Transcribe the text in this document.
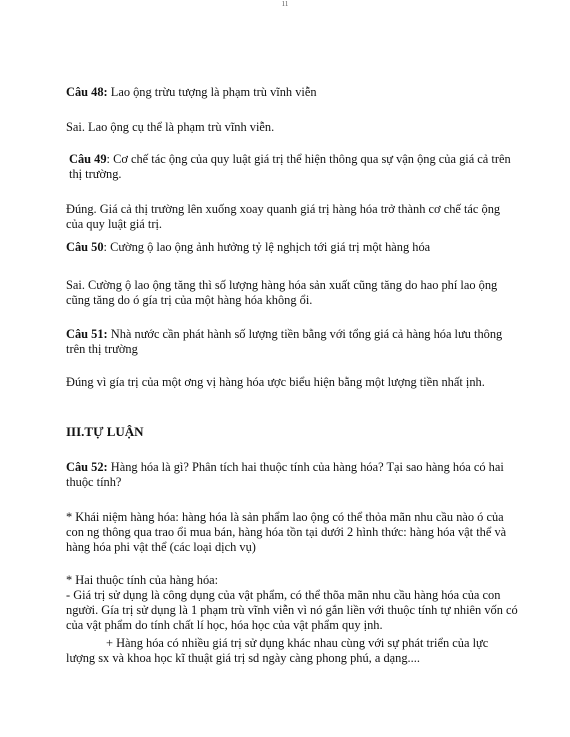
11

Câu 48: Lao ộng trừu tượng là phạm trù vĩnh viễn

Sai. Lao ộng cụ thể là phạm trù vĩnh viễn.

Câu 49: Cơ chế tác ộng của quy luật giá trị thể hiện thông qua sự vận ộng của giá cả trên thị trường.

Đúng. Giá cả thị trường lên xuống xoay quanh giá trị hàng hóa trở thành cơ chế tác ộng của quy luật giá trị.

Câu 50: Cường ộ lao ộng ảnh hưởng tỷ lệ nghịch tới giá trị một hàng hóa

Sai. Cường ộ lao ộng tăng thì số lượng hàng hóa sản xuất cũng tăng do hao phí lao ộng cũng tăng do ó gía trị của một hàng hóa không ổi.

Câu 51: Nhà nước cần phát hành số lượng tiền bằng với tổng giá cả hàng hóa lưu thông trên thị trường

Đúng vì gía trị của một ơng vị hàng hóa ược biểu hiện bằng một lượng tiền nhất ịnh.

III.TỰ LUẬN

Câu 52: Hàng hóa là gì? Phân tích hai thuộc tính của hàng hóa? Tại sao hàng hóa có hai thuộc tính?

* Khái niệm hàng hóa: hàng hóa là sản phẩm lao ộng có thể thỏa mãn nhu cầu nào ó của con ng thông qua trao ổi mua bán, hàng hóa tồn tại dưới 2 hình thức: hàng hóa vật thể và hàng hóa phi vật thể (các loại dịch vụ)

* Hai thuộc tính của hàng hóa:

- Giá trị sử dụng là công dụng của vật phẩm, có thể thõa mãn nhu cầu hàng hóa của con người. Gía trị sử dụng là 1 phạm trù vĩnh viễn vì nó gắn liền với thuộc tính tự nhiên vốn có của vật phẩm do tính chất lí học, hóa học của vật phẩm quy ịnh.

+ Hàng hóa có nhiều giá trị sử dụng khác nhau cùng với sự phát triển của lực lượng sx và khoa học kĩ thuật giá trị sd ngày càng phong phú, a dạng....
